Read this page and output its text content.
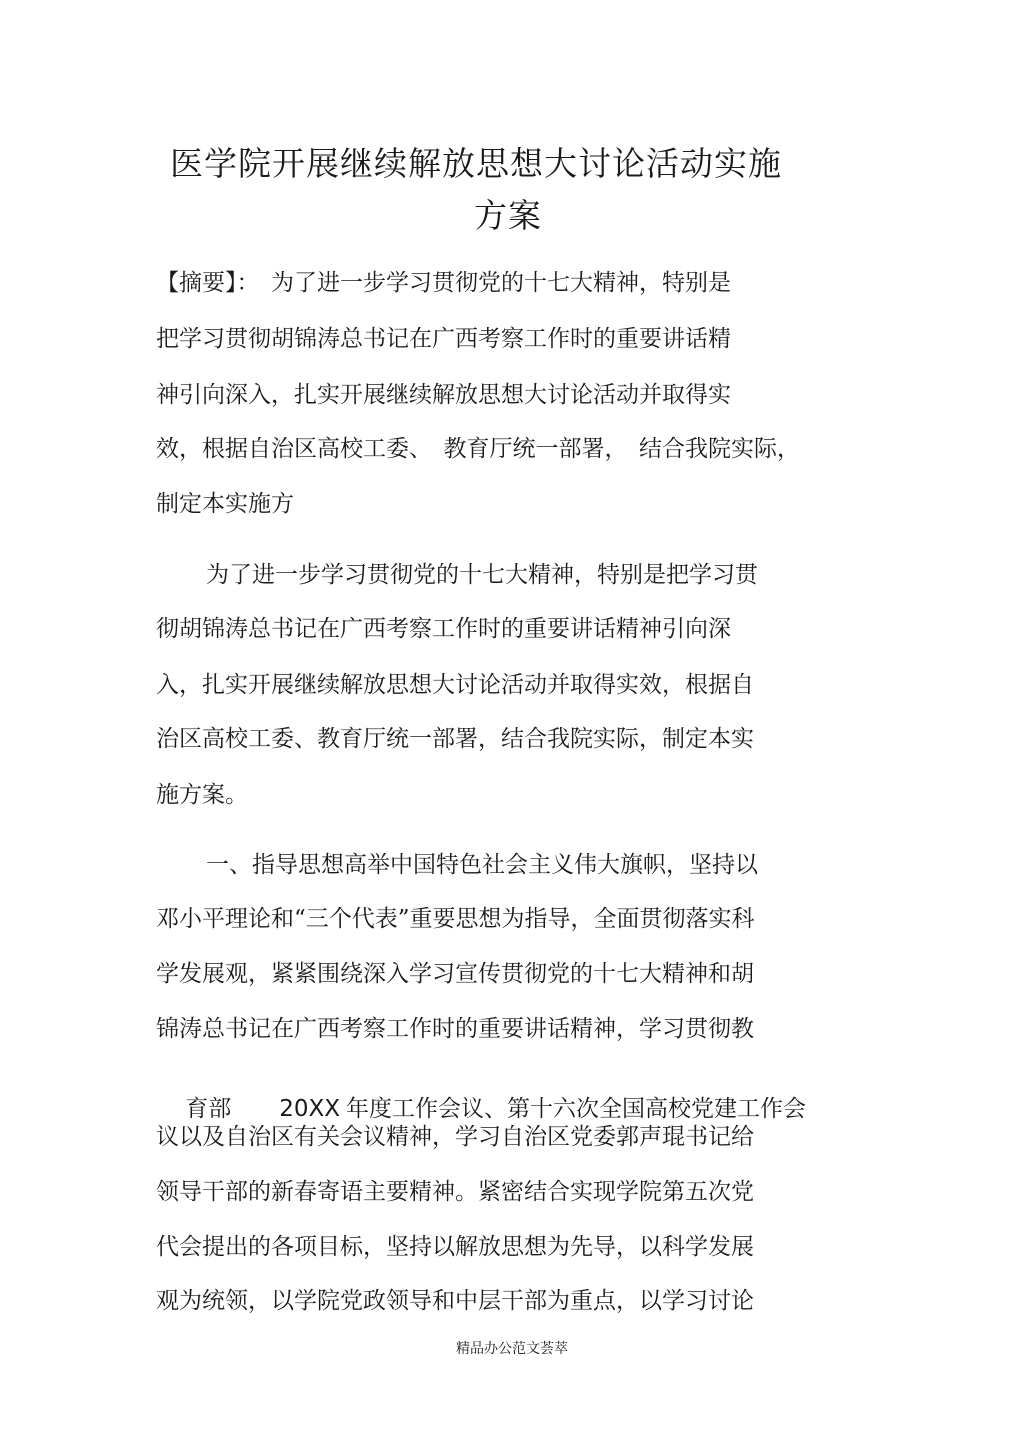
医学院开展继续解放思想大讨论活动实施
方案
【摘要】：　为了进一步学习贯彻党的十七大精神，特别是
把学习贯彻胡锦涛总书记在广西考察工作时的重要讲话精
神引向深入，扎实开展继续解放思想大讨论活动并取得实
效，根据自治区高校工委、　教育厅统一部署，　结合我院实际，
制定本实施方
为了进一步学习贯彻党的十七大精神，特别是把学习贯
彻胡锦涛总书记在广西考察工作时的重要讲话精神引向深
入，扎实开展继续解放思想大讨论活动并取得实效，根据自
治区高校工委、教育厅统一部署，结合我院实际，制定本实
施方案。
一、指导思想高举中国特色社会主义伟大旗帜，坚持以
邓小平理论和“三个代表”重要思想为指导，全面贯彻落实科
学发展观，紧紧围绕深入学习宣传贯彻党的十七大精神和胡
锦涛总书记在广西考察工作时的重要讲话精神，学习贯彻教

育部 20XX 年度工作会议、第十六次全国高校党建工作会

议以及自治区有关会议精神，学习自治区党委郭声琨书记给
领导干部的新春寄语主要精神。紧密结合实现学院第五次党
代会提出的各项目标，坚持以解放思想为先导，以科学发展
观为统领，以学院党政领导和中层干部为重点，以学习讨论
精品办公范文荟萃
